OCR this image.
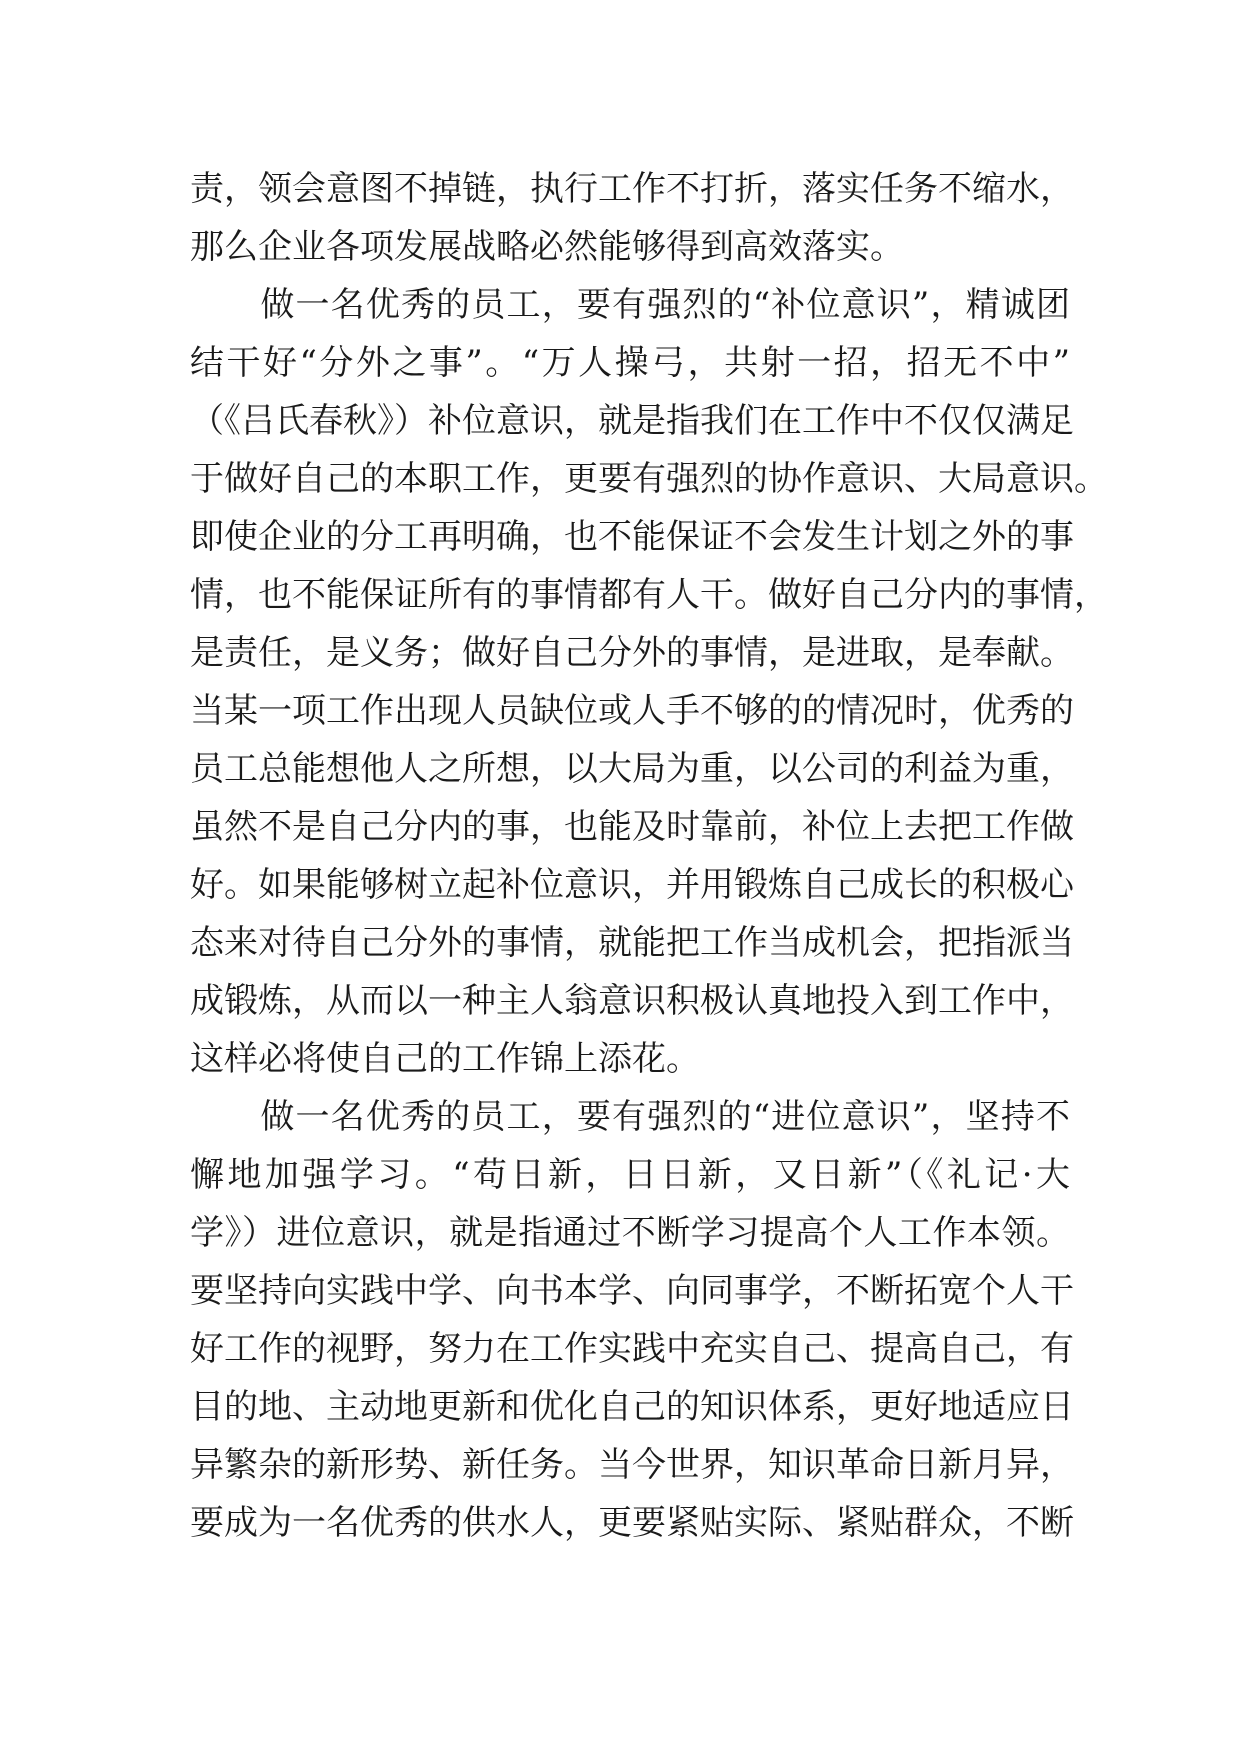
责，领会意图不掉链，执行工作不打折，落实任务不缩水，
那么企业各项发展战略必然能够得到高效落实。
　　做一名优秀的员工，要有强烈的“补位意识”，精诚团
结干好“分外之事”。“万人操弓，共射一招，招无不中”
（《吕氏春秋》）补位意识，就是指我们在工作中不仅仅满足
于做好自己的本职工作，更要有强烈的协作意识、大局意识。
即使企业的分工再明确，也不能保证不会发生计划之外的事
情，也不能保证所有的事情都有人干。做好自己分内的事情，
是责任，是义务；做好自己分外的事情，是进取，是奉献。
当某一项工作出现人员缺位或人手不够的的情况时，优秀的
员工总能想他人之所想，以大局为重，以公司的利益为重，
虽然不是自己分内的事，也能及时靠前，补位上去把工作做
好。如果能够树立起补位意识，并用锻炼自己成长的积极心
态来对待自己分外的事情，就能把工作当成机会，把指派当
成锻炼，从而以一种主人翁意识积极认真地投入到工作中，
这样必将使自己的工作锦上添花。
　　做一名优秀的员工，要有强烈的“进位意识”，坚持不
懈地加强学习。“苟日新，日日新，又日新”（《礼记·大
学》）进位意识，就是指通过不断学习提高个人工作本领。
要坚持向实践中学、向书本学、向同事学，不断拓宽个人干
好工作的视野，努力在工作实践中充实自己、提高自己，有
目的地、主动地更新和优化自己的知识体系，更好地适应日
异繁杂的新形势、新任务。当今世界，知识革命日新月异，
要成为一名优秀的供水人，更要紧贴实际、紧贴群众，不断
